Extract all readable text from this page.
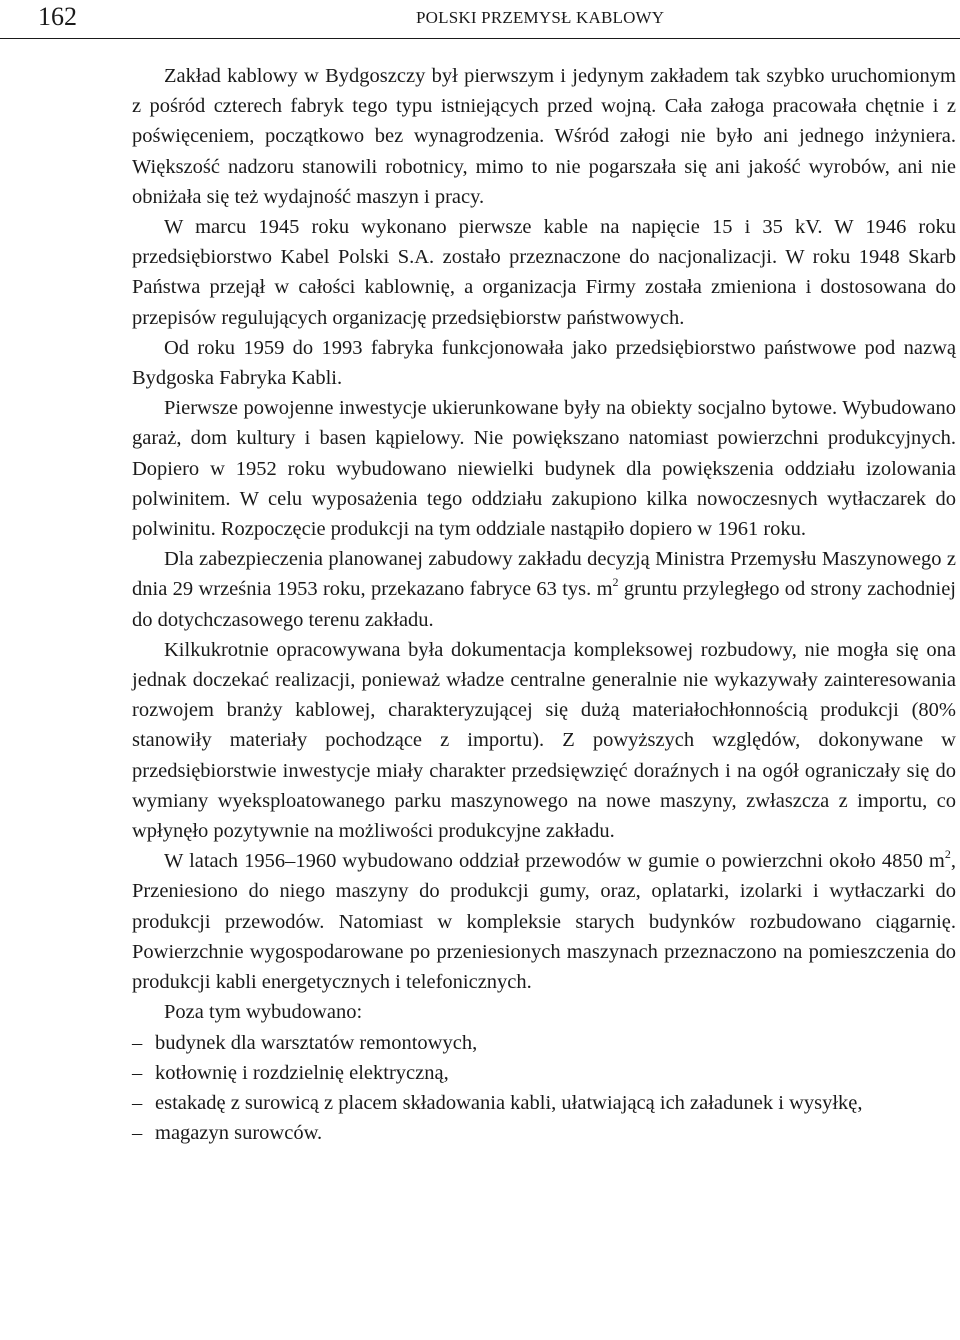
162	POLSKI PRZEMYSŁ KABLOWY

Zakład kablowy w Bydgoszczy był pierwszym i jedynym zakładem tak szybko uruchomionym z pośród czterech fabryk tego typu istniejących przed wojną. Cała załoga pracowała chętnie i z poświęceniem, początkowo bez wynagrodzenia. Wśród załogi nie było ani jednego inżyniera. Większość nadzoru stanowili robotnicy, mimo to nie pogarszała się ani jakość wyrobów, ani nie obniżała się też wydajność maszyn i pracy.

W marcu 1945 roku wykonano pierwsze kable na napięcie 15 i 35 kV. W 1946 roku przedsiębiorstwo Kabel Polski S.A. zostało przeznaczone do nacjonalizacji. W roku 1948 Skarb Państwa przejął w całości kablownię, a organizacja Firmy została zmieniona i dostosowana do przepisów regulujących organizację przedsiębiorstw państwowych.

Od roku 1959 do 1993 fabryka funkcjonowała jako przedsiębiorstwo państwowe pod nazwą Bydgoska Fabryka Kabli.

Pierwsze powojenne inwestycje ukierunkowane były na obiekty socjalno bytowe. Wybudowano garaż, dom kultury i basen kąpielowy. Nie powiększano natomiast powierzchni produkcyjnych. Dopiero w 1952 roku wybudowano niewielki budynek dla powiększenia oddziału izolowania polwinitem. W celu wyposażenia tego oddziału zakupiono kilka nowoczesnych wytłaczarek do polwinitu. Rozpoczęcie produkcji na tym oddziale nastąpiło dopiero w 1961 roku.

Dla zabezpieczenia planowanej zabudowy zakładu decyzją Ministra Przemysłu Maszynowego z dnia 29 września 1953 roku, przekazano fabryce 63 tys. $m^2$ gruntu przyległego od strony zachodniej do dotychczasowego terenu zakładu.

Kilkukrotnie opracowywana była dokumentacja kompleksowej rozbudowy, nie mogła się ona jednak doczekać realizacji, ponieważ władze centralne generalnie nie wykazywały zainteresowania rozwojem branży kablowej, charakteryzującej się dużą materiałochłonnością produkcji (80% stanowiły materiały pochodzące z importu). Z powyższych względów, dokonywane w przedsiębiorstwie inwestycje miały charakter przedsięwzięć doraźnych i na ogół ograniczały się do wymiany wyeksploatowanego parku maszynowego na nowe maszyny, zwłaszcza z importu, co wpłynęło pozytywnie na możliwości produkcyjne zakładu.

W latach 1956–1960 wybudowano oddział przewodów w gumie o powierzchni około 4850 $m^2$, Przeniesiono do niego maszyny do produkcji gumy, oraz, oplatarki, izolarki i wytłaczarki do produkcji przewodów. Natomiast w kompleksie starych budynków rozbudowano ciągarnię. Powierzchnie wygospodarowane po przeniesionych maszynach przeznaczono na pomieszczenia do produkcji kabli energetycznych i telefonicznych.

Poza tym wybudowano:

– budynek dla warsztatów remontowych,
– kotłownię i rozdzielnię elektryczną,
– estakadę z surowicą z placem składowania kabli, ułatwiającą ich załadunek i wysyłkę,
– magazyn surowców.
